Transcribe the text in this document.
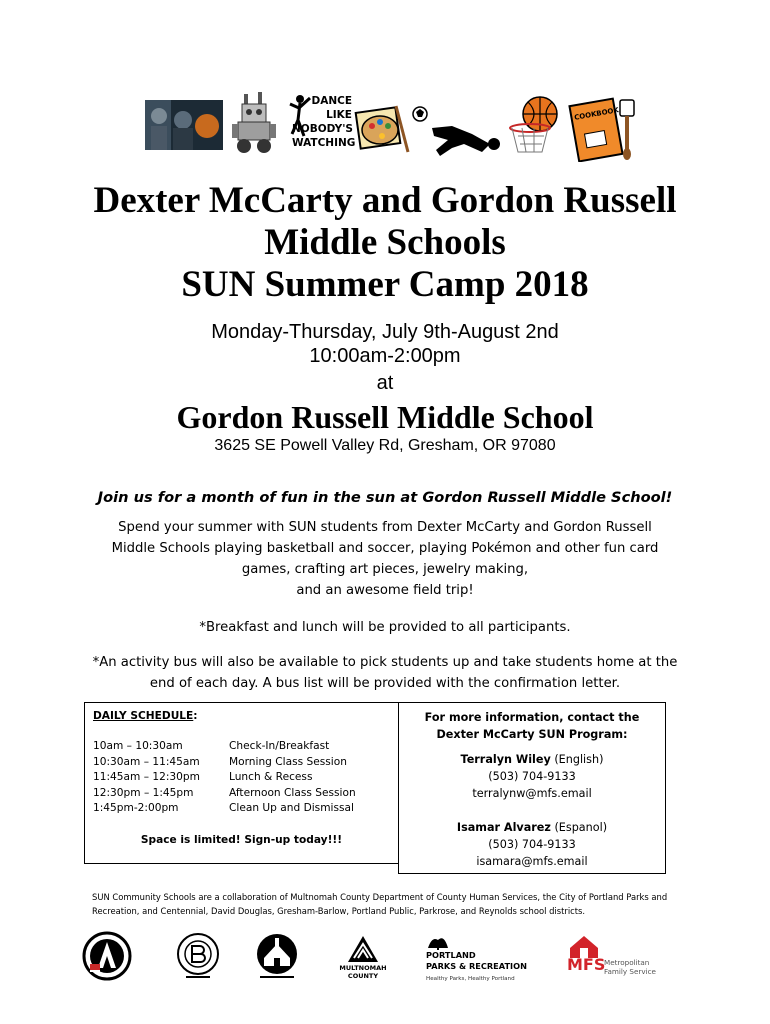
DANCE
LIKE
NOBODY'S
WATCHING
COOKBOOK
Dexter McCarty and Gordon Russell
Middle Schools
SUN Summer Camp 2018
Monday-Thursday, July 9th-August 2nd
10:00am-2:00pm
at
Gordon Russell Middle School
3625 SE Powell Valley Rd, Gresham, OR 97080
Join us for a month of fun in the sun at Gordon Russell Middle School!
Spend your summer with SUN students from Dexter McCarty and Gordon Russell
Middle Schools playing basketball and soccer, playing Pokémon and other fun card
games, crafting art pieces, jewelry making,
and an awesome field trip!
*Breakfast and lunch will be provided to all participants.
*An activity bus will also be available to pick students up and take students home at the
end of each day. A bus list will be provided with the confirmation letter.
DAILY SCHEDULE:
10am – 10:30am	Check-In/Breakfast
10:30am – 11:45am	Morning Class Session
11:45am – 12:30pm	Lunch & Recess
12:30pm – 1:45pm	Afternoon Class Session
1:45pm-2:00pm	Clean Up and Dismissal
Space is limited! Sign-up today!!!
For more information, contact the
Dexter McCarty SUN Program:
Terralyn Wiley (English)
(503) 704-9133
terralynw@mfs.email
Isamar Alvarez (Espanol)
(503) 704-9133
isamara@mfs.email
SUN Community Schools are a collaboration of Multnomah County Department of County Human Services, the City of Portland Parks and
Recreation, and Centennial, David Douglas, Gresham-Barlow, Portland Public, Parkrose, and Reynolds school districts.
MULTNOMAH
COUNTY
PORTLAND
PARKS & RECREATION
Healthy Parks, Healthy Portland
MFS
Metropolitan
Family Service
